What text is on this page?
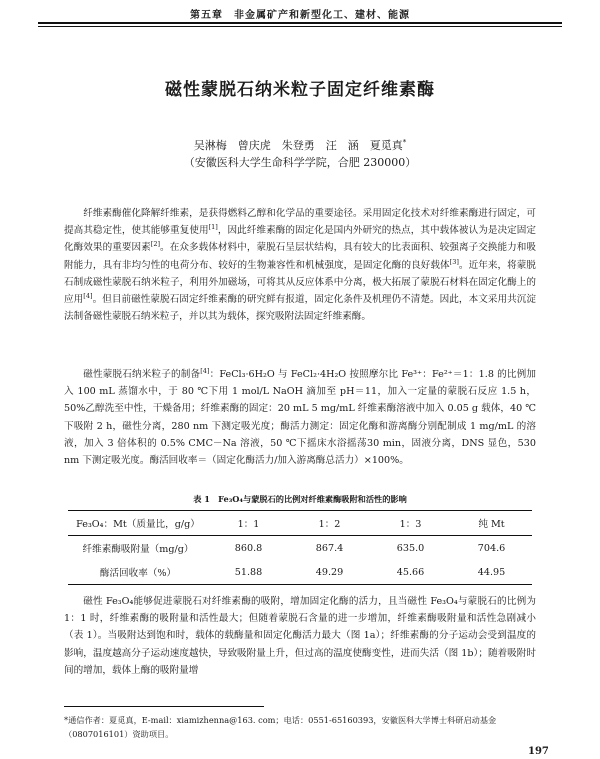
第五章　非金属矿产和新型化工、建材、能源
磁性蒙脱石纳米粒子固定纤维素酶
吴淋梅　曾庆虎　朱登勇　汪　涵　夏觅真*
（安徽医科大学生命科学学院，合肥 230000）

纤维素酶催化降解纤维素，是获得燃料乙醇和化学品的重要途径。采用固定化技术对纤维素酶进行固定，可提高其稳定性，使其能够重复使用[1]，因此纤维素酶的固定化是国内外研究的热点，其中载体被认为是决定固定化酶效果的重要因素[2]。在众多载体材料中，蒙脱石呈层状结构，具有较大的比表面积、较强离子交换能力和吸附能力，具有非均匀性的电荷分布、较好的生物兼容性和机械强度，是固定化酶的良好载体[3]。近年来，将蒙脱石制成磁性蒙脱石纳米粒子，利用外加磁场，可将其从反应体系中分离，极大拓展了蒙脱石材料在固定化酶上的应用[4]。但目前磁性蒙脱石固定纤维素酶的研究鲜有报道，固定化条件及机理仍不清楚。因此，本文采用共沉淀法制备磁性蒙脱石纳米粒子，并以其为载体，探究吸附法固定纤维素酶。

磁性蒙脱石纳米粒子的制备[4]：FeCl₃·6H₂O 与 FeCl₂·4H₂O 按照摩尔比 Fe³⁺：Fe²⁺＝1：1.8 的比例加入 100 mL 蒸馏水中，于 80 ℃下用 1 mol/L NaOH 滴加至 pH＝11，加入一定量的蒙脱石反应 1.5 h，50%乙醇洗至中性，干燥备用；纤维素酶的固定：20 mL 5 mg/mL 纤维素酶溶液中加入 0.05 g 载体，40 ℃下吸附 2 h，磁性分离，280 nm 下测定吸光度；酶活力测定：固定化酶和游离酶分别配制成 1 mg/mL 的溶液，加入 3 倍体积的 0.5% CMC－Na 溶液，50 ℃下摇床水浴摇荡30 min，固液分离，DNS 显色，530 nm 下测定吸光度。酶活回收率＝（固定化酶活力/加入游离酶总活力）×100%。

表 1　Fe₃O₄与蒙脱石的比例对纤维素酶吸附和活性的影响
Fe₃O₄：Mt（质量比，g/g）	1：1	1：2	1：3	纯 Mt
纤维素酶吸附量（mg/g）	860.8	867.4	635.0	704.6
酶活回收率（%）	51.88	49.29	45.66	44.95

磁性 Fe₃O₄能够促进蒙脱石对纤维素酶的吸附，增加固定化酶的活力，且当磁性 Fe₃O₄与蒙脱石的比例为 1：1 时，纤维素酶的吸附量和活性最大；但随着蒙脱石含量的进一步增加，纤维素酶吸附量和活性急剧减小（表 1）。当吸附达到饱和时，载体的载酶量和固定化酶活力最大（图 1a）；纤维素酶的分子运动会受到温度的影响，温度越高分子运动速度越快，导致吸附量上升，但过高的温度使酶变性，进而失活（图 1b）；随着吸附时间的增加，载体上酶的吸附量增

*通信作者：夏觅真，E-mail：xiamizhenna@163. com；电话：0551-65160393，安徽医科大学博士科研启动基金（0807016101）资助项目。
197
